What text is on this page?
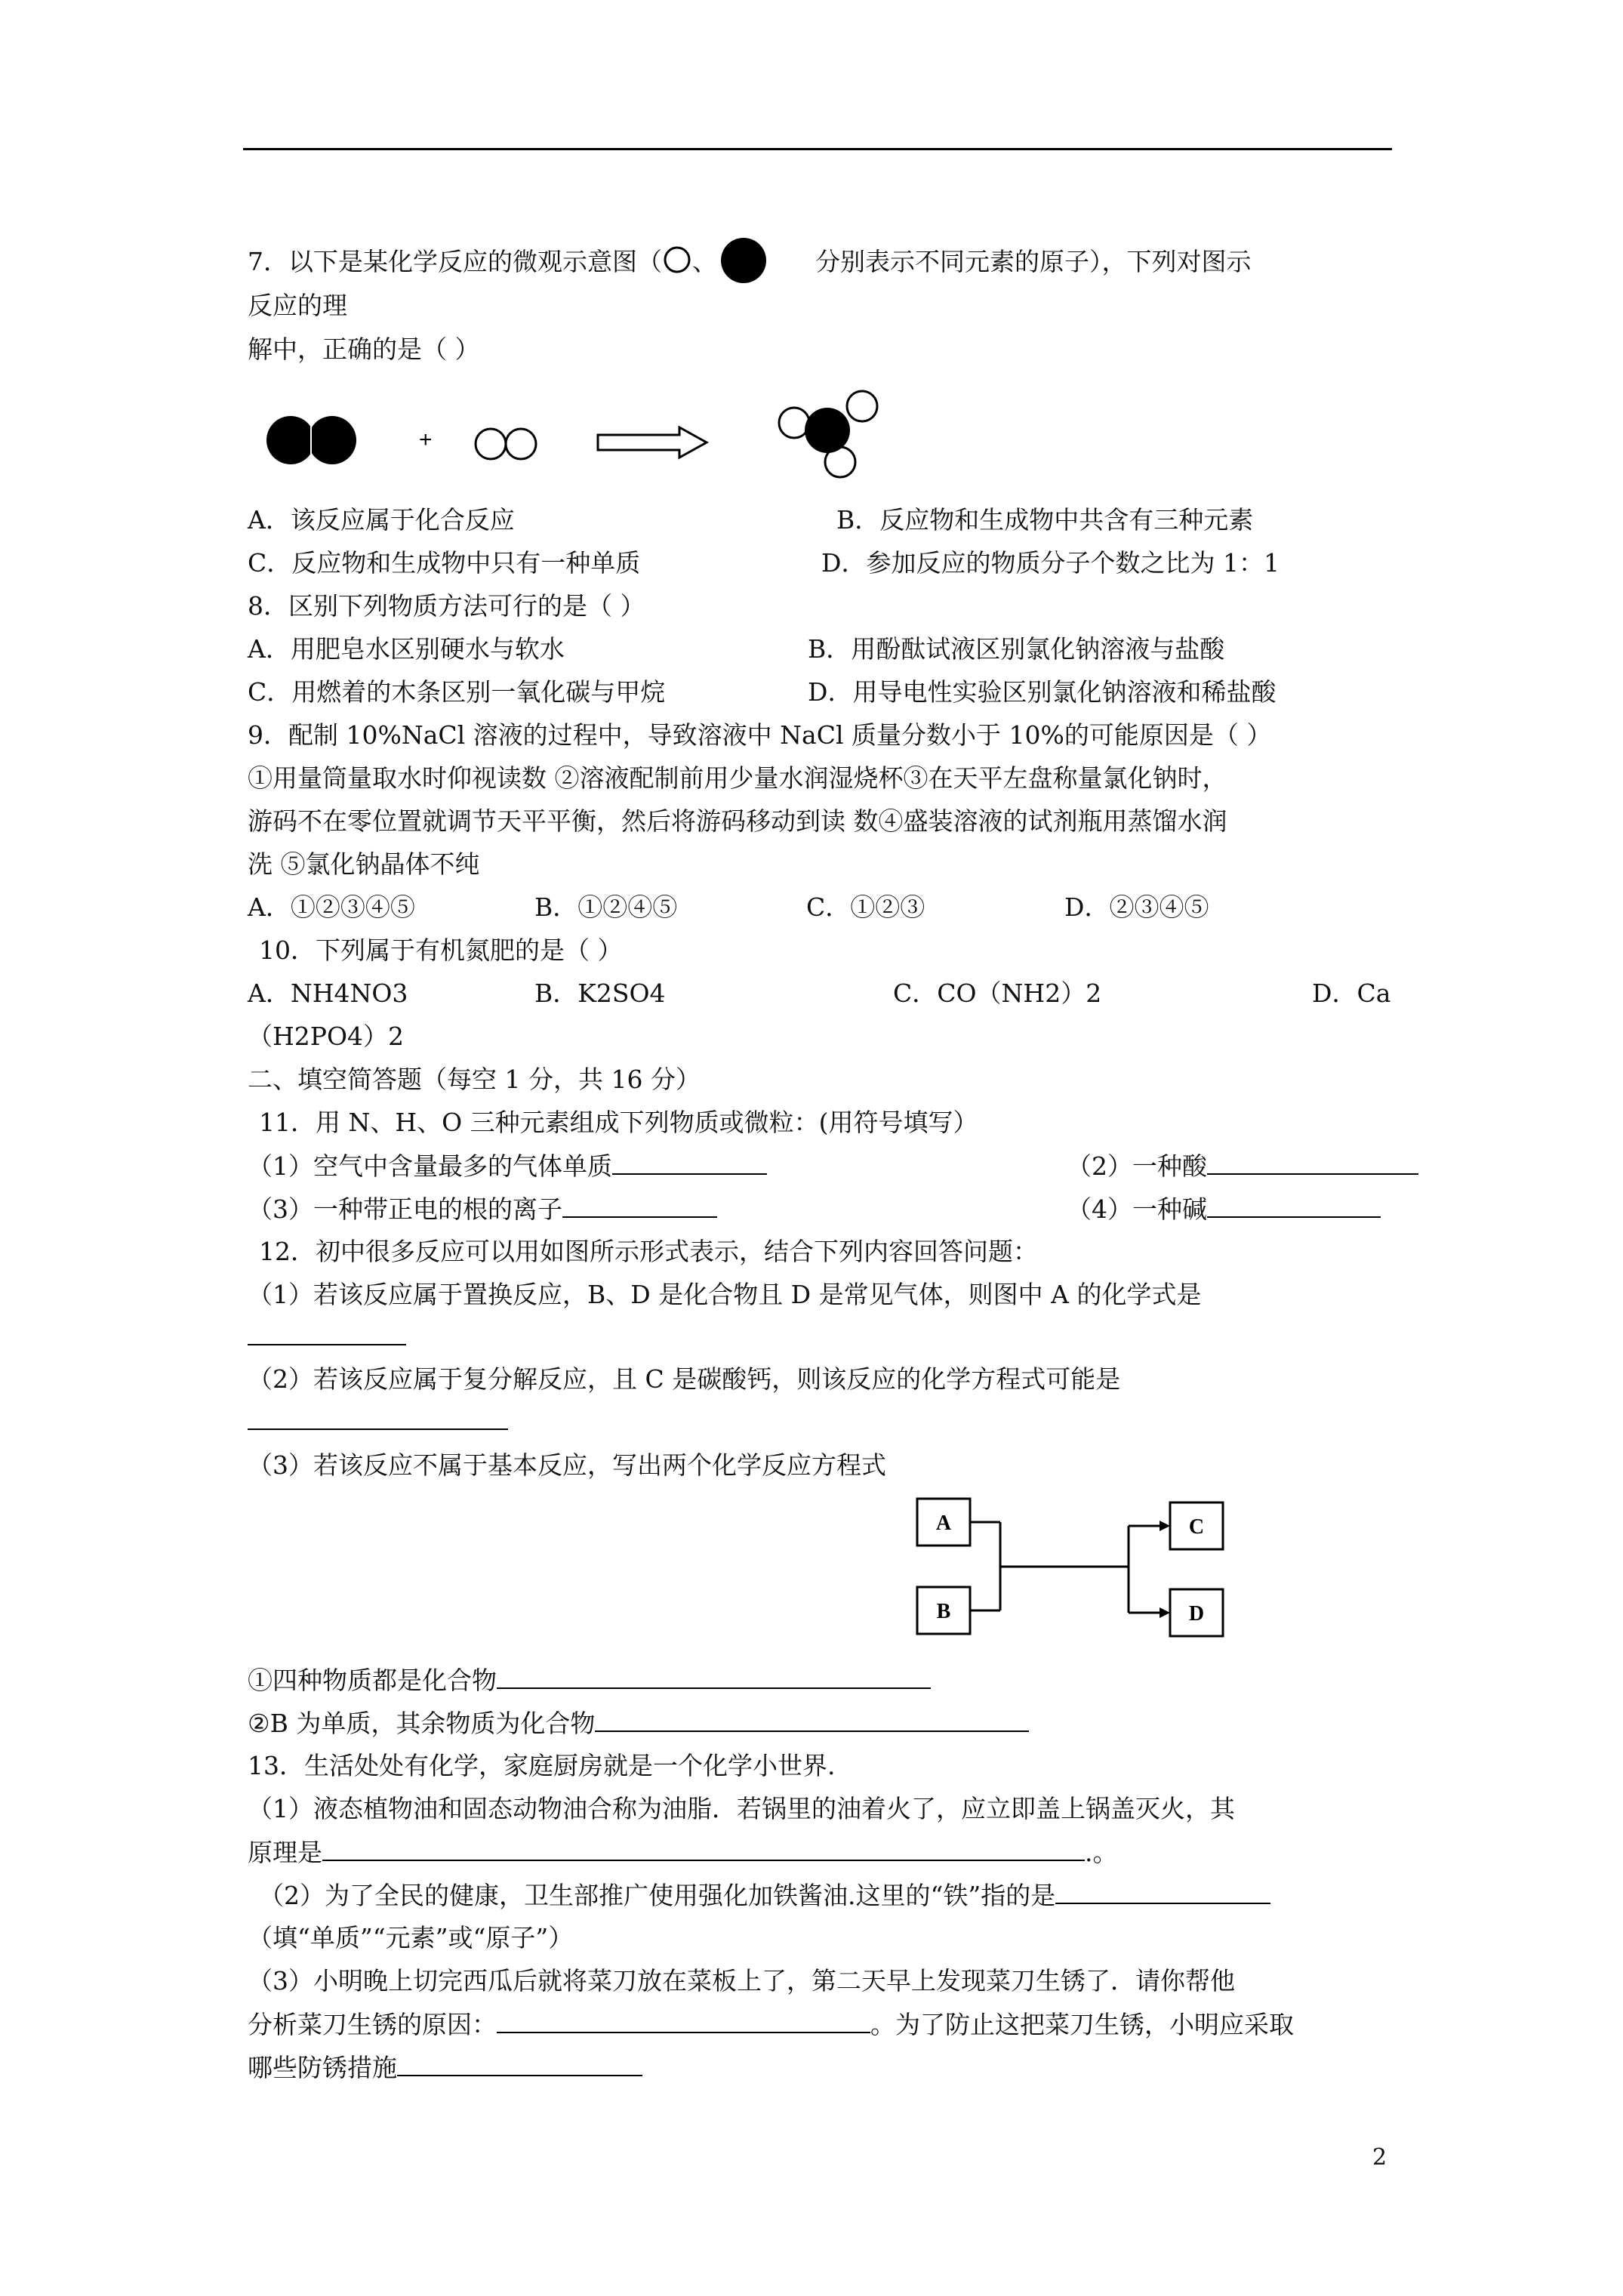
7．以下是某化学反应的微观示意图（ 、	分别表示不同元素的原子），下列对图示
反应的理
解中，正确的是（ ）
+
A．该反应属于化合反应	B．反应物和生成物中共含有三种元素
C．反应物和生成物中只有一种单质	D．参加反应的物质分子个数之比为 1：1
8．区别下列物质方法可行的是（ ）
A．用肥皂水区别硬水与软水	B．用酚酞试液区别氯化钠溶液与盐酸
C．用燃着的木条区别一氧化碳与甲烷	D．用导电性实验区别氯化钠溶液和稀盐酸
9．配制 10%NaCl 溶液的过程中，导致溶液中 NaCl 质量分数小于 10%的可能原因是（ ）
①用量筒量取水时仰视读数 ②溶液配制前用少量水润湿烧杯③在天平左盘称量氯化钠时，
游码不在零位置就调节天平平衡，然后将游码移动到读 数④盛装溶液的试剂瓶用蒸馏水润
洗 ⑤氯化钠晶体不纯
A．①②③④⑤	B．①②④⑤	C．①②③	D．②③④⑤
10．下列属于有机氮肥的是（ ）
A．NH4NO3	B．K2SO4	C．CO（NH2）2	D．Ca
（H2PO4）2
二、填空简答题（每空 1 分，共 16 分）
11．用 N、H、O 三种元素组成下列物质或微粒：(用符号填写）
（1）空气中含量最多的气体单质	（2）一种酸
（3）一种带正电的根的离子	（4）一种碱
12．初中很多反应可以用如图所示形式表示，结合下列内容回答问题：
（1）若该反应属于置换反应，B、D 是化合物且 D 是常见气体，则图中 A 的化学式是
（2）若该反应属于复分解反应，且 C 是碳酸钙，则该反应的化学方程式可能是
（3）若该反应不属于基本反应，写出两个化学反应方程式
A
B
C
D
①四种物质都是化合物
②B 为单质，其余物质为化合物
13．生活处处有化学，家庭厨房就是一个化学小世界.
（1）液态植物油和固态动物油合称为油脂．若锅里的油着火了，应立即盖上锅盖灭火，其
原理是	.。
（2）为了全民的健康，卫生部推广使用强化加铁酱油.这里的“铁”指的是
（填“单质”“元素”或“原子”）
（3）小明晚上切完西瓜后就将菜刀放在菜板上了，第二天早上发现菜刀生锈了．请你帮他
分析菜刀生锈的原因：	。为了防止这把菜刀生锈，小明应采取
哪些防锈措施
2
